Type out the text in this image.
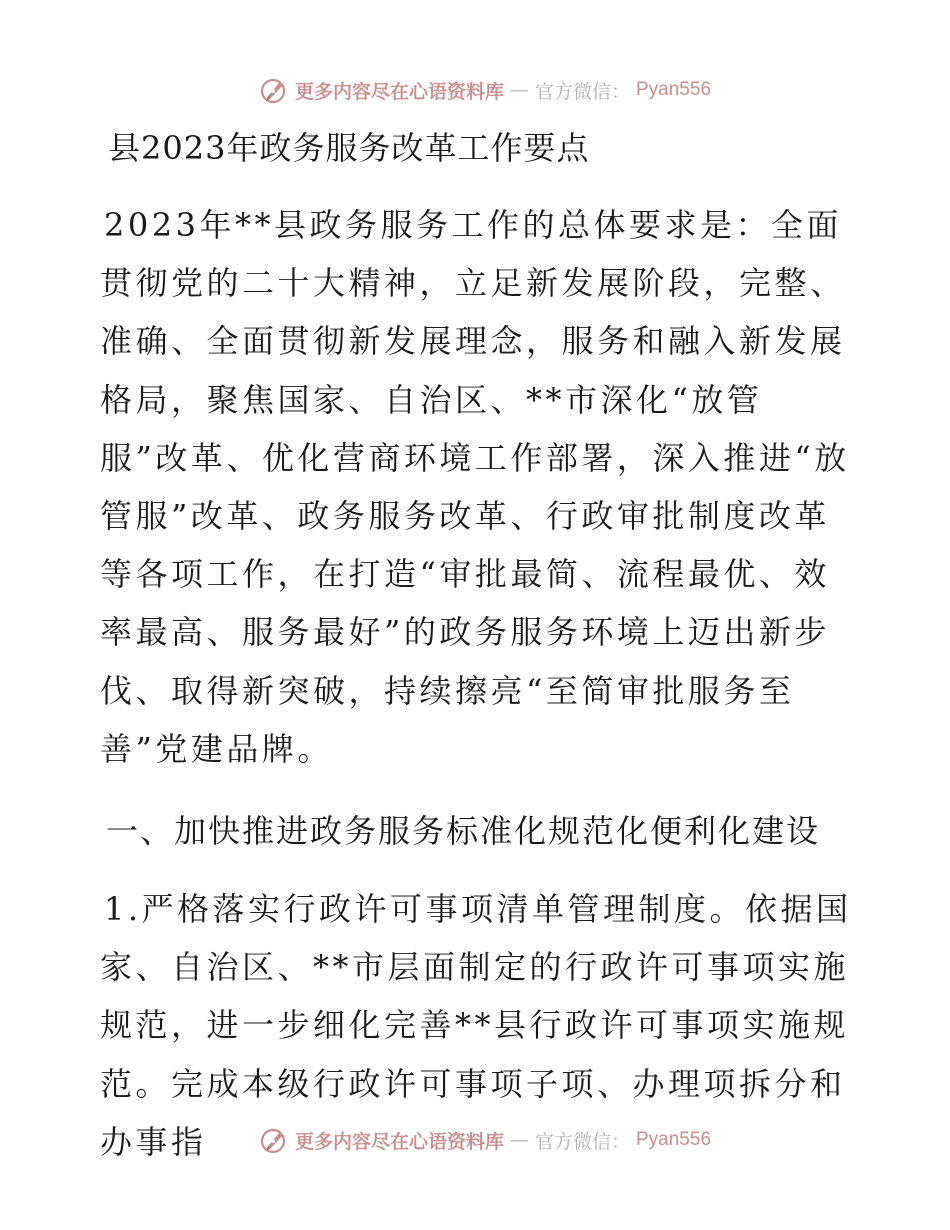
更多内容尽在心语资料库 — 官方微信： Pyan556
县2023年政务服务改革工作要点

2023年**县政务服务工作的总体要求是：全面贯彻党的二十大精神，立足新发展阶段，完整、准确、全面贯彻新发展理念，服务和融入新发展格局，聚焦国家、自治区、**市深化“放管服”改革、优化营商环境工作部署，深入推进“放管服”改革、政务服务改革、行政审批制度改革等各项工作，在打造“审批最简、流程最优、效率最高、服务最好”的政务服务环境上迈出新步伐、取得新突破，持续擦亮“至简审批服务至善”党建品牌。

一、加快推进政务服务标准化规范化便利化建设

1.严格落实行政许可事项清单管理制度。依据国家、自治区、**市层面制定的行政许可事项实施规范，进一步细化完善**县行政许可事项实施规范。完成本级行政许可事项子项、办理项拆分和办事指	更多内容尽在心语资料库 — 官方微信： Pyan556
